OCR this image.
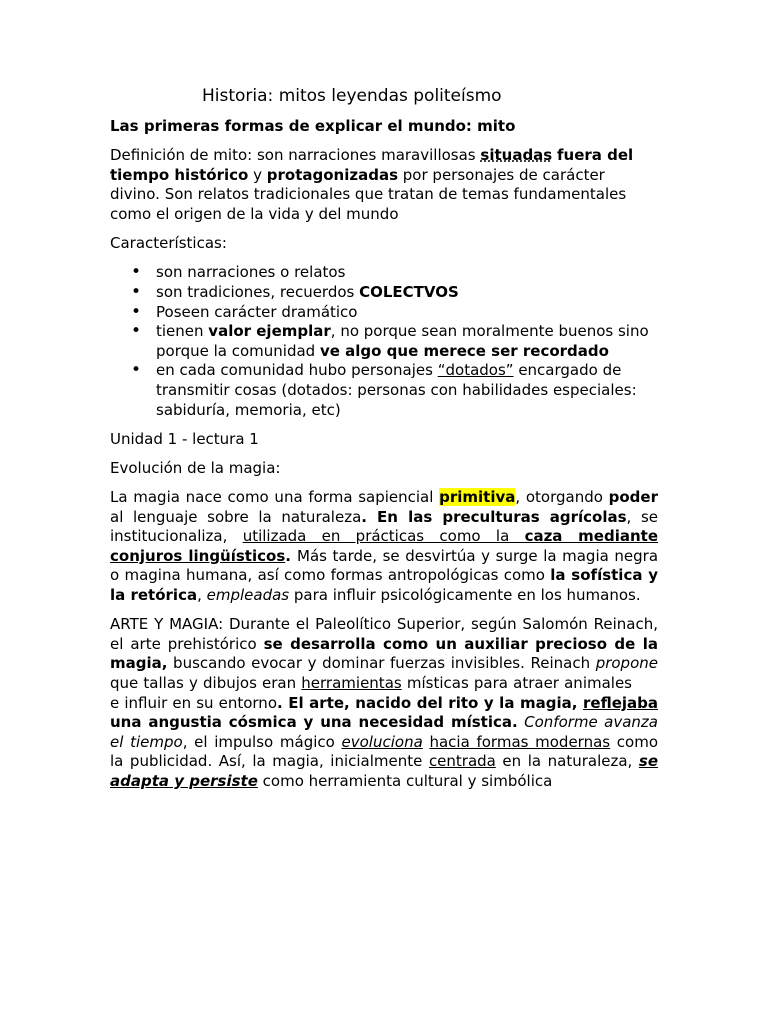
Historia: mitos leyendas politeísmo

Las primeras formas de explicar el mundo: mito

Definición de mito: son narraciones maravillosas situadas fuera del tiempo histórico y protagonizadas por personajes de carácter divino. Son relatos tradicionales que tratan de temas fundamentales como el origen de la vida y del mundo

Características:

• son narraciones o relatos
• son tradiciones, recuerdos COLECTVOS
• Poseen carácter dramático
• tienen valor ejemplar, no porque sean moralmente buenos sino porque la comunidad ve algo que merece ser recordado
• en cada comunidad hubo personajes “dotados” encargado de transmitir cosas (dotados: personas con habilidades especiales: sabiduría, memoria, etc)

Unidad 1 - lectura 1

Evolución de la magia:

La magia nace como una forma sapiencial primitiva, otorgando poder al lenguaje sobre la naturaleza. En las preculturas agrícolas, se institucionaliza, utilizada en prácticas como la caza mediante conjuros lingüísticos. Más tarde, se desvirtúa y surge la magia negra o magina humana, así como formas antropológicas como la sofística y la retórica, empleadas para influir psicológicamente en los humanos.

ARTE Y MAGIA: Durante el Paleolítico Superior, según Salomón Reinach, el arte prehistórico se desarrolla como un auxiliar precioso de la magia, buscando evocar y dominar fuerzas invisibles. Reinach propone que tallas y dibujos eran herramientas místicas para atraer animales e influir en su entorno. El arte, nacido del rito y la magia, reflejaba una angustia cósmica y una necesidad mística. Conforme avanza el tiempo, el impulso mágico evoluciona hacia formas modernas como la publicidad. Así, la magia, inicialmente centrada en la naturaleza, se adapta y persiste como herramienta cultural y simbólica
